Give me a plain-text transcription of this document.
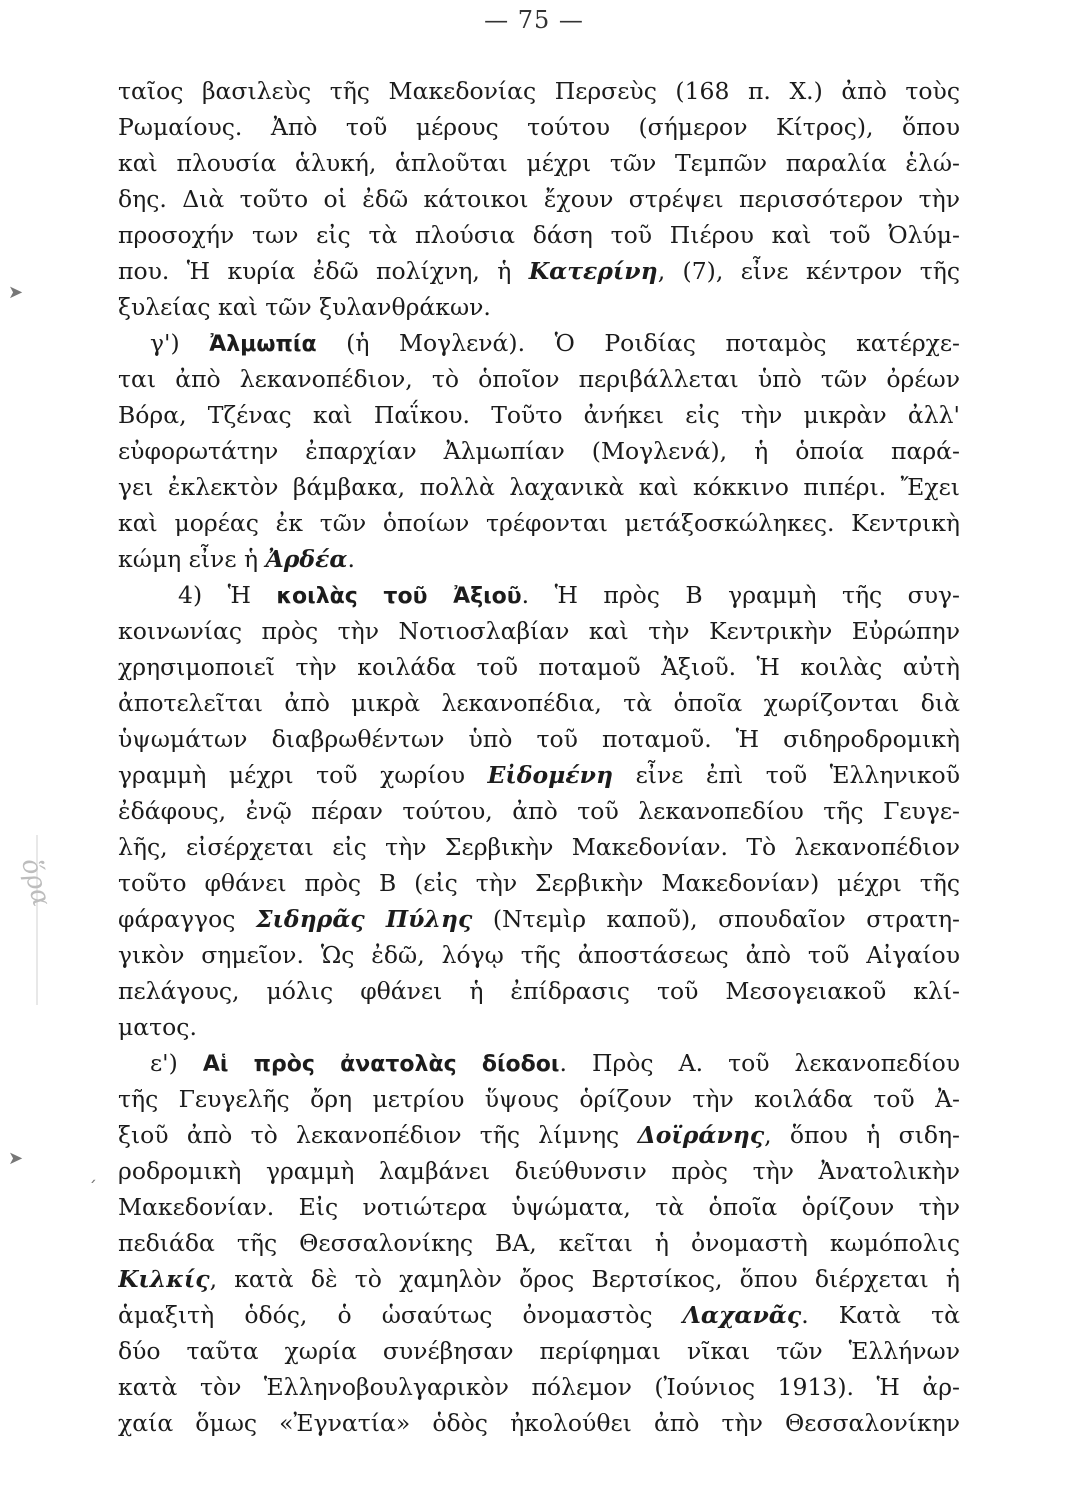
— 75 —
➤
ˊ
➤
ὅρα
ταῖος βασιλεὺς τῆς Μακεδονίας Περσεὺς (168 π. Χ.) ἀπὸ τοὺς
Ρωμαίους. Ἀπὸ τοῦ μέρους τούτου (σήμερον Κίτρος), ὅπου
καὶ πλουσία ἁλυκή, ἁπλοῦται μέχρι τῶν Τεμπῶν παραλία ἑλώ-
δης. Διὰ τοῦτο οἱ ἐδῶ κάτοικοι ἔχουν στρέψει περισσότερον τὴν
προσοχήν των εἰς τὰ πλούσια δάση τοῦ Πιέρου καὶ τοῦ Ὀλύμ-
που. Ἡ κυρία ἐδῶ πολίχνη, ἡ Κατερίνη, (7), εἶνε κέντρον τῆς
ξυλείας καὶ τῶν ξυλανθράκων.
γ') Ἀλμωπία (ἡ Μογλενά). Ὁ Ροιδίας ποταμὸς κατέρχε-
ται ἀπὸ λεκανοπέδιον, τὸ ὁποῖον περιβάλλεται ὑπὸ τῶν ὀρέων
Βόρα, Τζένας καὶ Παΐκου. Τοῦτο ἀνήκει εἰς τὴν μικρὰν ἀλλ'
εὐφορωτάτην ἐπαρχίαν Ἀλμωπίαν (Μογλενά), ἡ ὁποία παρά-
γει ἐκλεκτὸν βάμβακα, πολλὰ λαχανικὰ καὶ κόκκινο πιπέρι. Ἔχει
καὶ μορέας ἐκ τῶν ὁποίων τρέφονται μετάξοσκώληκες. Κεντρικὴ
κώμη εἶνε ἡ Ἀρδέα.
4) Ἡ κοιλὰς τοῦ Ἀξιοῦ. Ἡ πρὸς Β γραμμὴ τῆς συγ-
κοινωνίας πρὸς τὴν Νοτιοσλαβίαν καὶ τὴν Κεντρικὴν Εὐρώπην
χρησιμοποιεῖ τὴν κοιλάδα τοῦ ποταμοῦ Ἀξιοῦ. Ἡ κοιλὰς αὐτὴ
ἀποτελεῖται ἀπὸ μικρὰ λεκανοπέδια, τὰ ὁποῖα χωρίζονται διὰ
ὑψωμάτων διαβρωθέντων ὑπὸ τοῦ ποταμοῦ. Ἡ σιδηροδρομικὴ
γραμμὴ μέχρι τοῦ χωρίου Εἰδομένη εἶνε ἐπὶ τοῦ Ἑλληνικοῦ
ἐδάφους, ἐνῷ πέραν τούτου, ἀπὸ τοῦ λεκανοπεδίου τῆς Γευγε-
λῆς, εἰσέρχεται εἰς τὴν Σερβικὴν Μακεδονίαν. Τὸ λεκανοπέδιον
τοῦτο φθάνει πρὸς Β (εἰς τὴν Σερβικὴν Μακεδονίαν) μέχρι τῆς
φάραγγος Σιδηρᾶς Πύλης (Ντεμὶρ καποῦ), σπουδαῖον στρατη-
γικὸν σημεῖον. Ὡς ἐδῶ, λόγῳ τῆς ἀποστάσεως ἀπὸ τοῦ Αἰγαίου
πελάγους, μόλις φθάνει ἡ ἐπίδρασις τοῦ Μεσογειακοῦ κλί-
ματος.
ε') Αἱ πρὸς ἀνατολὰς δίοδοι. Πρὸς Α. τοῦ λεκανοπεδίου
τῆς Γευγελῆς ὄρη μετρίου ὕψους ὁρίζουν τὴν κοιλάδα τοῦ Ἀ-
ξιοῦ ἀπὸ τὸ λεκανοπέδιον τῆς λίμνης Δοϊράνης, ὅπου ἡ σιδη-
ροδρομικὴ γραμμὴ λαμβάνει διεύθυνσιν πρὸς τὴν Ἀνατολικὴν
Μακεδονίαν. Εἰς νοτιώτερα ὑψώματα, τὰ ὁποῖα ὁρίζουν τὴν
πεδιάδα τῆς Θεσσαλονίκης ΒΑ, κεῖται ἡ ὀνομαστὴ κωμόπολις
Κιλκίς, κατὰ δὲ τὸ χαμηλὸν ὄρος Βερτσίκος, ὅπου διέρχεται ἡ
ἁμαξιτὴ ὁδός, ὁ ὡσαύτως ὀνομαστὸς Λαχανᾶς. Κατὰ τὰ
δύο ταῦτα χωρία συνέβησαν περίφημαι νῖκαι τῶν Ἑλλήνων
κατὰ τὸν Ἑλληνοβουλγαρικὸν πόλεμον (Ἰούνιος 1913). Ἡ ἀρ-
χαία ὅμως «Ἐγνατία» ὁδὸς ἠκολούθει ἀπὸ τὴν Θεσσαλονίκην
